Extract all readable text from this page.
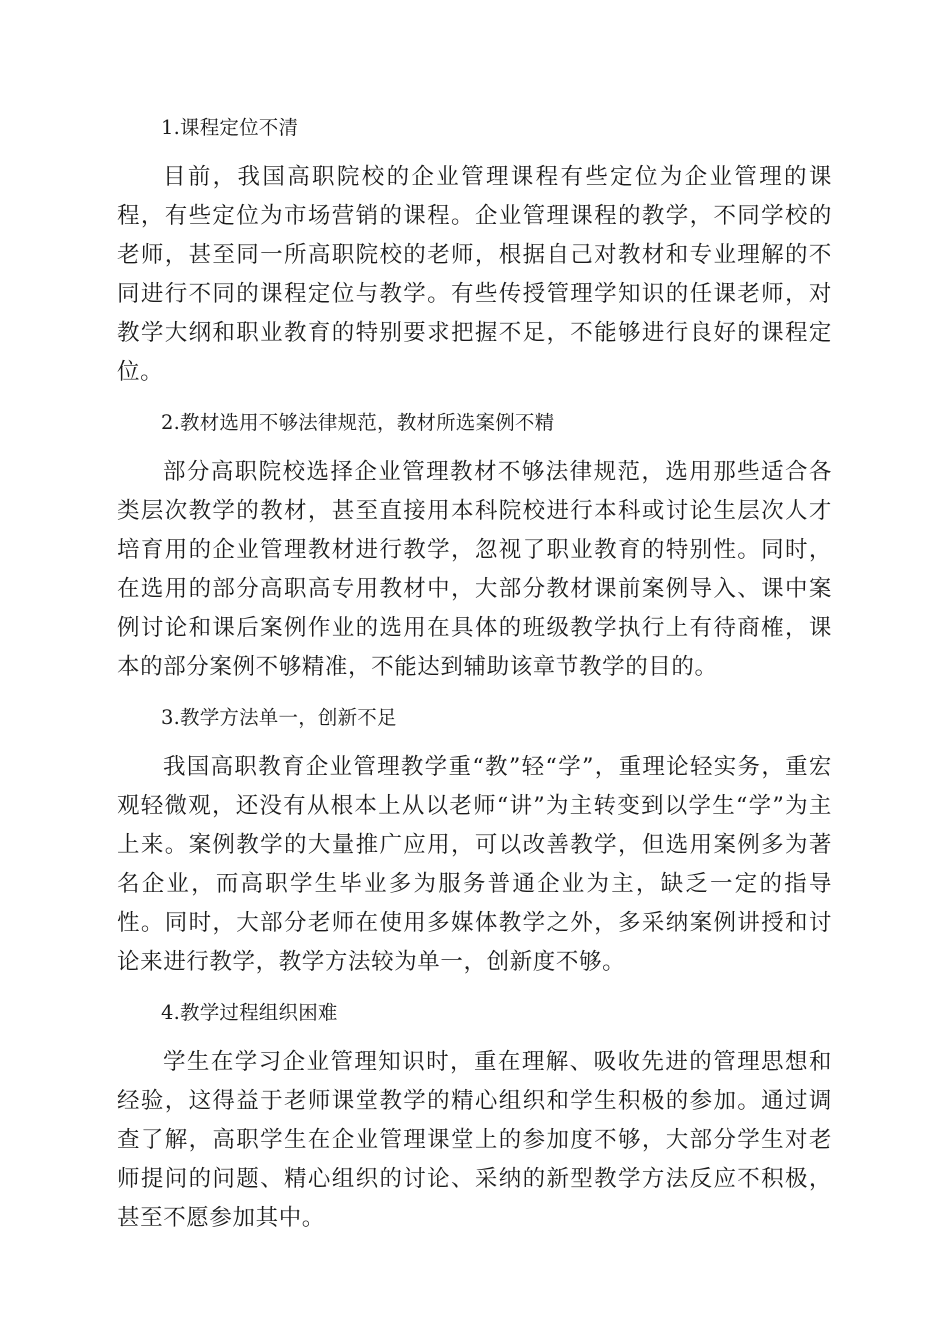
1.课程定位不清

目前，我国高职院校的企业管理课程有些定位为企业管理的课程，有些定位为市场营销的课程。企业管理课程的教学，不同学校的老师，甚至同一所高职院校的老师，根据自己对教材和专业理解的不同进行不同的课程定位与教学。有些传授管理学知识的任课老师，对教学大纲和职业教育的特别要求把握不足，不能够进行良好的课程定位。

2.教材选用不够法律规范，教材所选案例不精

部分高职院校选择企业管理教材不够法律规范，选用那些适合各类层次教学的教材，甚至直接用本科院校进行本科或讨论生层次人才培育用的企业管理教材进行教学，忽视了职业教育的特别性。同时，在选用的部分高职高专用教材中，大部分教材课前案例导入、课中案例讨论和课后案例作业的选用在具体的班级教学执行上有待商榷，课本的部分案例不够精准，不能达到辅助该章节教学的目的。

3.教学方法单一，创新不足

我国高职教育企业管理教学重“教”轻“学”，重理论轻实务，重宏观轻微观，还没有从根本上从以老师“讲”为主转变到以学生“学”为主上来。案例教学的大量推广应用，可以改善教学，但选用案例多为著名企业，而高职学生毕业多为服务普通企业为主，缺乏一定的指导性。同时，大部分老师在使用多媒体教学之外，多采纳案例讲授和讨论来进行教学，教学方法较为单一，创新度不够。

4.教学过程组织困难

学生在学习企业管理知识时，重在理解、吸收先进的管理思想和经验，这得益于老师课堂教学的精心组织和学生积极的参加。通过调查了解，高职学生在企业管理课堂上的参加度不够，大部分学生对老师提问的问题、精心组织的讨论、采纳的新型教学方法反应不积极，甚至不愿参加其中。
